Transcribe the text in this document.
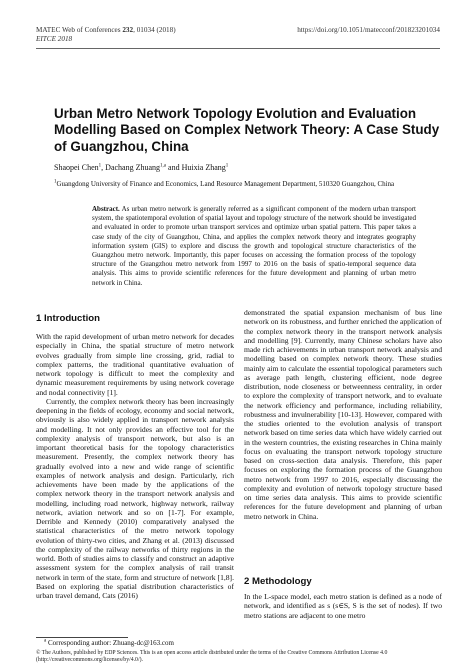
MATEC Web of Conferences 232, 01034 (2018)
EITCE 2018
https://doi.org/10.1051/matecconf/201823201034
Urban Metro Network Topology Evolution and Evaluation Modelling Based on Complex Network Theory: A Case Study of Guangzhou, China
Shaopei Chen$^1$, Dachang Zhuang$^{1,a}$ and Huixia Zhang$^1$
$^1$Guangdong University of Finance and Economics, Land Resource Management Department, 510320 Guangzhou, China
Abstract. As urban metro network is generally referred as a significant component of the modern urban transport system, the spatiotemporal evolution of spatial layout and topology structure of the network should be investigated and evaluated in order to promote urban transport services and optimize urban spatial pattern. This paper takes a case study of the city of Guangzhou, China, and applies the complex network theory and integrates geography information system (GIS) to explore and discuss the growth and topological structure characteristics of the Guangzhou metro network. Importantly, this paper focuses on accessing the formation process of the topology structure of the Guangzhou metro network from 1997 to 2016 on the basis of spatio-temporal sequence data analysis. This aims to provide scientific references for the future development and planning of urban metro network in China.
1 Introduction

With the rapid development of urban metro network for decades especially in China, the spatial structure of metro network evolves gradually from simple line crossing, grid, radial to complex patterns, the traditional quantitative evaluation of network topology is difficult to meet the complexity and dynamic measurement requirements by using network coverage and nodal connectivity [1].

Currently, the complex network theory has been increasingly deepening in the fields of ecology, economy and social network, obviously is also widely applied in transport network analysis and modelling. It not only provides an effective tool for the complexity analysis of transport network, but also is an important theoretical basis for the topology characteristics measurement. Presently, the complex network theory has gradually evolved into a new and wide range of scientific examples of network analysis and design. Particularly, rich achievements have been made by the applications of the complex network theory in the transport network analysis and modelling, including road network, highway network, railway network, aviation network and so on [1-7]. For example, Derrible and Kennedy (2010) comparatively analysed the statistical characteristics of the metro network topology evolution of thirty-two cities, and Zhang et al. (2013) discussed the complexity of the railway networks of thirty regions in the world. Both of studies aims to classify and construct an adaptive assessment system for the complex analysis of rail transit network in term of the state, form and structure of network [1,8]. Based on exploring the spatial distribution characteristics of urban travel demand, Cats (2016)

demonstrated the spatial expansion mechanism of bus line network on its robustness, and further enriched the application of the complex network theory in the transport network analysis and modelling [9]. Currently, many Chinese scholars have also made rich achievements in urban transport network analysis and modelling based on complex network theory. These studies mainly aim to calculate the essential topological parameters such as average path length, clustering efficient, node degree distribution, node closeness or betweenness centrality, in order to explore the complexity of transport network, and to evaluate the network efficiency and performance, including reliability, robustness and invulnerability [10-13]. However, compared with the studies oriented to the evolution analysis of transport network based on time series data which have widely carried out in the western countries, the existing researches in China mainly focus on evaluating the transport network topology structure based on cross-section data analysis. Therefore, this paper focuses on exploring the formation process of the Guangzhou metro network from 1997 to 2016, especially discussing the complexity and evolution of network topology structure based on time series data analysis. This aims to provide scientific references for the future development and planning of urban metro network in China.

2 Methodology

In the L-space model, each metro station is defined as a node of network, and identified as s (s∈S, S is the set of nodes). If two metro stations are adjacent to one metro

$^a$ Corresponding author: Zhuang-dc@163.com
© The Authors, published by EDP Sciences. This is an open access article distributed under the terms of the Creative Commons Attribution License 4.0 (http://creativecommons.org/licenses/by/4.0/).
